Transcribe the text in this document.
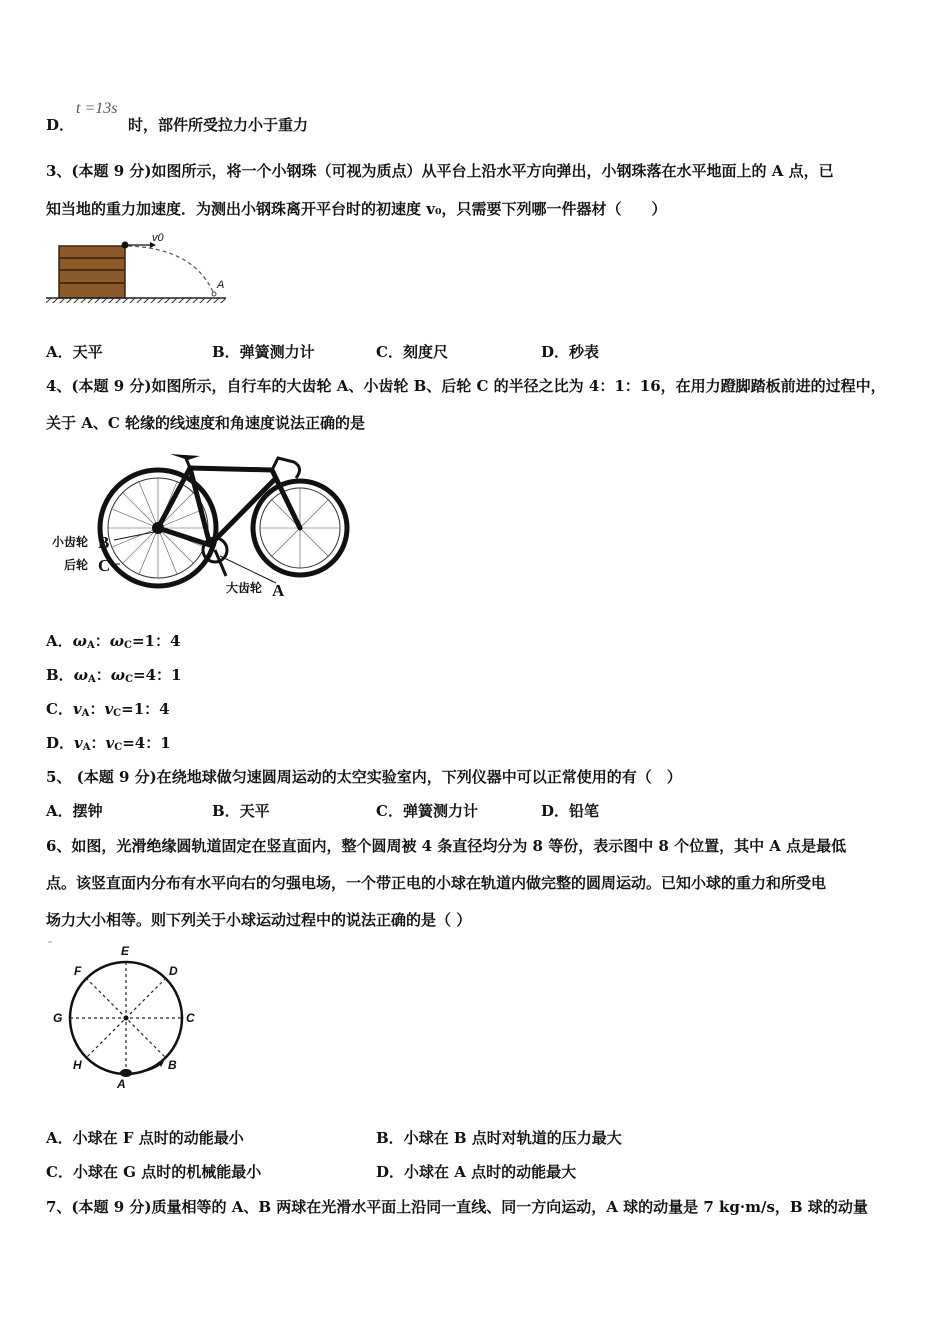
D．
t =13s
时，部件所受拉力小于重力
3、(本题 9 分)如图所示，将一个小钢珠（可视为质点）从平台上沿水平方向弹出，小钢珠落在水平地面上的 A 点，已
知当地的重力加速度．为测出小钢珠离开平台时的初速度 v₀，只需要下列哪一件器材（　　）
v0
A
A．天平	B．弹簧测力计	C．刻度尺	D．秒表
4、(本题 9 分)如图所示，自行车的大齿轮 A、小齿轮 B、后轮 C 的半径之比为 4：1：16，在用力蹬脚踏板前进的过程中，
关于 A、C 轮缘的线速度和角速度说法正确的是
小齿轮 B
后轮 C
大齿轮 A
A．$\omega_A$：$\omega_C=1$：4
B．$\omega_A$：$\omega_C=4$：1
C．$v_A$：$v_C=1$：4
D．$v_A$：$v_C=4$：1
5、 (本题 9 分)在绕地球做匀速圆周运动的太空实验室内，下列仪器中可以正常使用的有（　）
A．摆钟	B．天平	C．弹簧测力计	D．铅笔
6、如图，光滑绝缘圆轨道固定在竖直面内，整个圆周被 4 条直径均分为 8 等份，表示图中 8 个位置，其中 A 点是最低
点。该竖直面内分布有水平向右的匀强电场，一个带正电的小球在轨道内做完整的圆周运动。已知小球的重力和所受电
场力大小相等。则下列关于小球运动过程中的说法正确的是（ ）
E
D
F
G	C
H	B
A
A．小球在 F 点时的动能最小	B．小球在 B 点时对轨道的压力最大
C．小球在 G 点时的机械能最小	D．小球在 A 点时的动能最大
7、(本题 9 分)质量相等的 A、B 两球在光滑水平面上沿同一直线、同一方向运动，A 球的动量是 7 kg·m/s，B 球的动量
